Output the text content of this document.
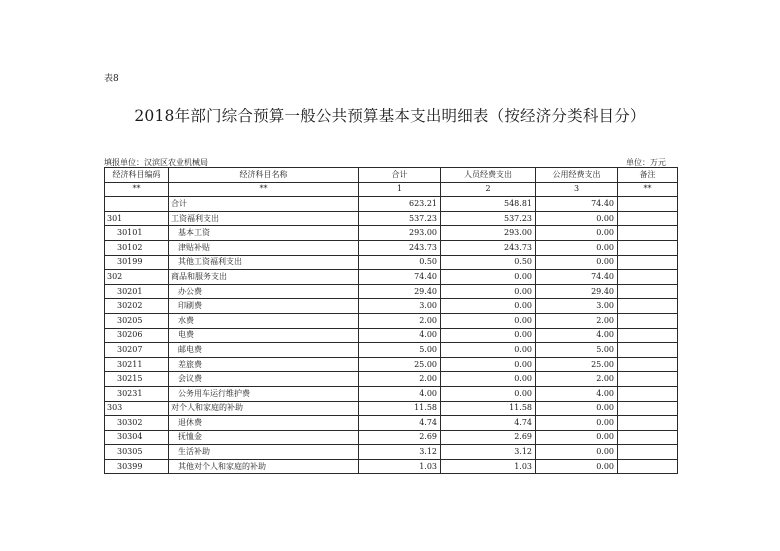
表8
2018年部门综合预算一般公共预算基本支出明细表（按经济分类科目分）
填报单位：汉滨区农业机械局	单位：万元
经济科目编码	经济科目名称	合计	人员经费支出	公用经费支出	备注
**	**	1	2	3	**
	合计	623.21	548.81	74.40	
301	工资福利支出	537.23	537.23	0.00	
30101	基本工资	293.00	293.00	0.00	
30102	津贴补贴	243.73	243.73	0.00	
30199	其他工资福利支出	0.50	0.50	0.00	
302	商品和服务支出	74.40	0.00	74.40	
30201	办公费	29.40	0.00	29.40	
30202	印刷费	3.00	0.00	3.00	
30205	水费	2.00	0.00	2.00	
30206	电费	4.00	0.00	4.00	
30207	邮电费	5.00	0.00	5.00	
30211	差旅费	25.00	0.00	25.00	
30215	会议费	2.00	0.00	2.00	
30231	公务用车运行维护费	4.00	0.00	4.00	
303	对个人和家庭的补助	11.58	11.58	0.00	
30302	退休费	4.74	4.74	0.00	
30304	抚恤金	2.69	2.69	0.00	
30305	生活补助	3.12	3.12	0.00	
30399	其他对个人和家庭的补助	1.03	1.03	0.00	
